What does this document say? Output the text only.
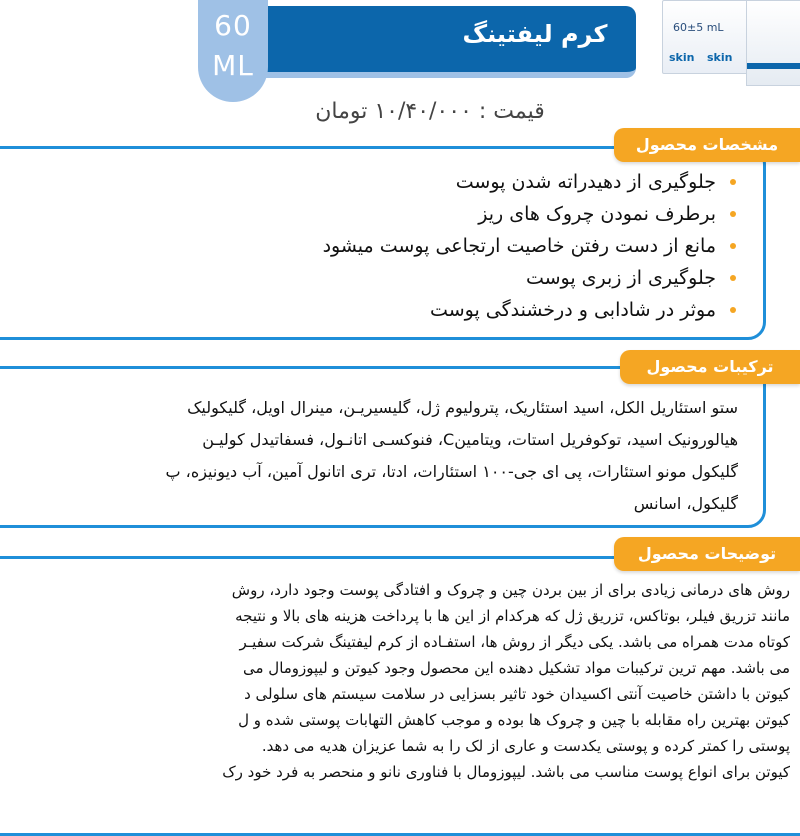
کرم لیفتینگ
60
ML
60±5 mL
skin skin
قیمت : ۱۰/۴۰/۰۰۰ تومان
مشخصات محصول
ترکیبات محصول
توضیحات محصول
جلوگیری از دهیدراته شدن پوست
برطرف نمودن چروک های ریز
مانع از دست رفتن خاصیت ارتجاعی پوست میشود
جلوگیری از زبری پوست
موثر در شادابی و درخشندگی پوست
ستو استئاریل الکل، اسید استئاریک، پترولیوم ژل، گلیسیریـن، مینرال اویل، گلیکولیک
هیالورونیک اسید، توکوفریل استات، ویتامینC، فنوکسـی اتانـول، فسفاتیدل کولیـن
گلیکول مونو استئارات، پی ای جی-۱۰۰ استئارات، ادتا، تری اتانول آمین، آب دیونیزه، پ
گلیکول، اسانس
روش های درمانی زیادی برای از بین بردن چین و چروک و افتادگی پوست وجود دارد، روش
مانند تزریق فیلر، بوتاکس، تزریق ژل که هرکدام از این ها با پرداخت هزینه های بالا و نتیجه
کوتاه مدت همراه می باشد. یکی دیگر از روش ها، استفـاده از کرم لیفتینگ شرکت سفیـر
می باشد. مهم ترین ترکیبات مواد تشکیل دهنده این محصول وجود کیوتن و لیپوزومال می
کیوتن با داشتن خاصیت آنتی اکسیدان خود تاثیر بسزایی در سلامت سیستم های سلولی د
کیوتن بهترین راه مقابله با چین و چروک ها بوده و موجب کاهش التهابات پوستی شده و ل
پوستی را کمتر کرده و پوستی یکدست و عاری از لک را به شما عزیزان هدیه می دهد.
کیوتن برای انواع پوست مناسب می باشد. لیپوزومال با فناوری نانو و منحصر به فرد خود رک
